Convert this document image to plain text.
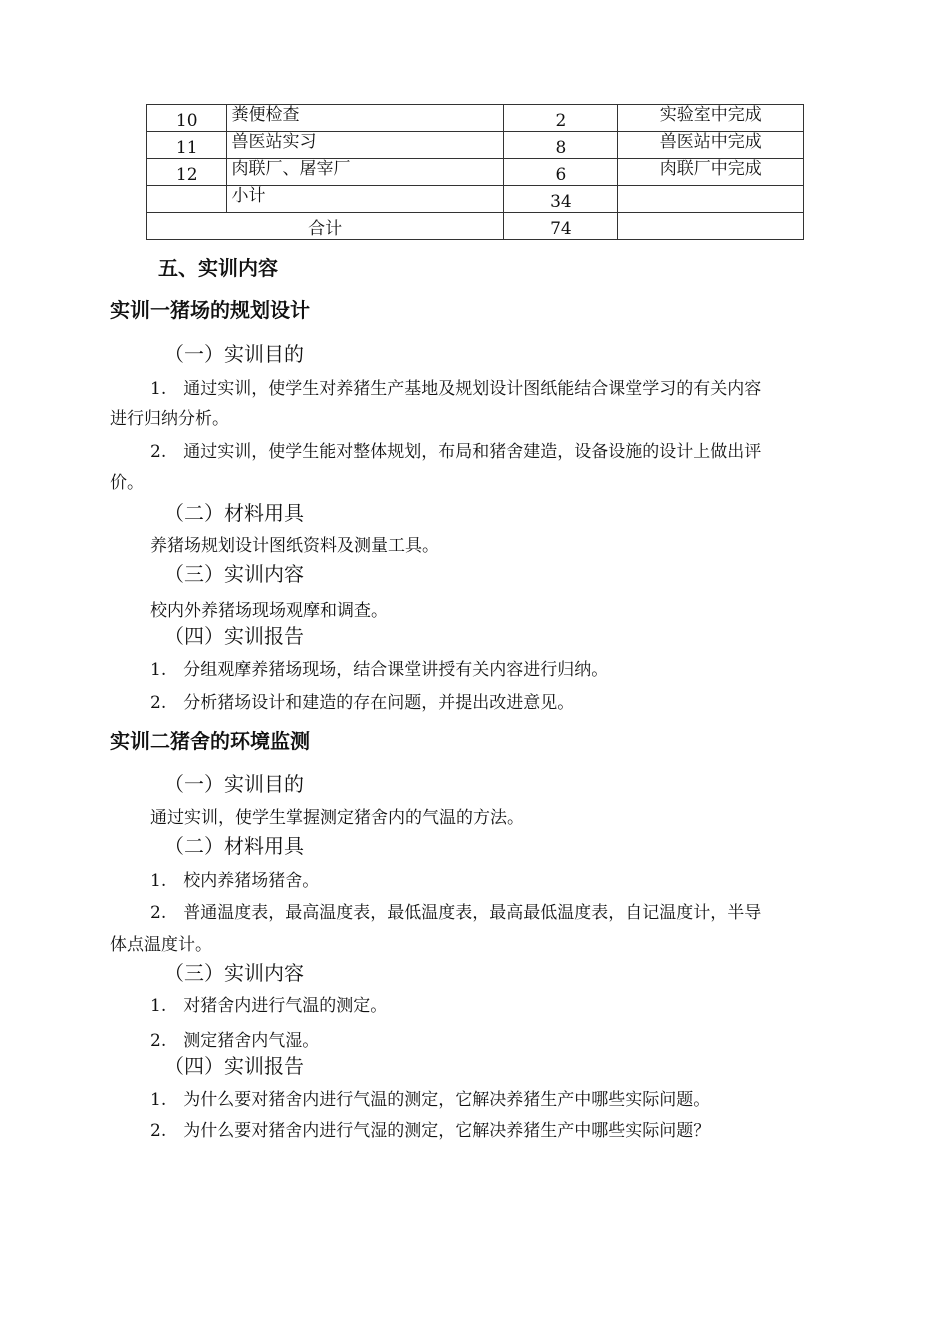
10	粪便检查	2	实验室中完成
11	兽医站实习	8	兽医站中完成
12	肉联厂、屠宰厂	6	肉联厂中完成
	小计	34	
合计		74	
五、实训内容
实训一猪场的规划设计
（一）实训目的
1.　通过实训，使学生对养猪生产基地及规划设计图纸能结合课堂学习的有关内容
进行归纳分析。
2.　通过实训，使学生能对整体规划，布局和猪舍建造，设备设施的设计上做出评
价。
（二）材料用具
养猪场规划设计图纸资料及测量工具。
（三）实训内容
校内外养猪场现场观摩和调查。
（四）实训报告
1.　分组观摩养猪场现场，结合课堂讲授有关内容进行归纳。
2.　分析猪场设计和建造的存在问题，并提出改进意见。
实训二猪舍的环境监测
（一）实训目的
通过实训，使学生掌握测定猪舍内的气温的方法。
（二）材料用具
1.　校内养猪场猪舍。
2.　普通温度表，最高温度表，最低温度表，最高最低温度表，自记温度计，半导
体点温度计。
（三）实训内容
1.　对猪舍内进行气温的测定。
2.　测定猪舍内气湿。
（四）实训报告
1.　为什么要对猪舍内进行气温的测定，它解决养猪生产中哪些实际问题。
2.　为什么要对猪舍内进行气湿的测定，它解决养猪生产中哪些实际问题？
